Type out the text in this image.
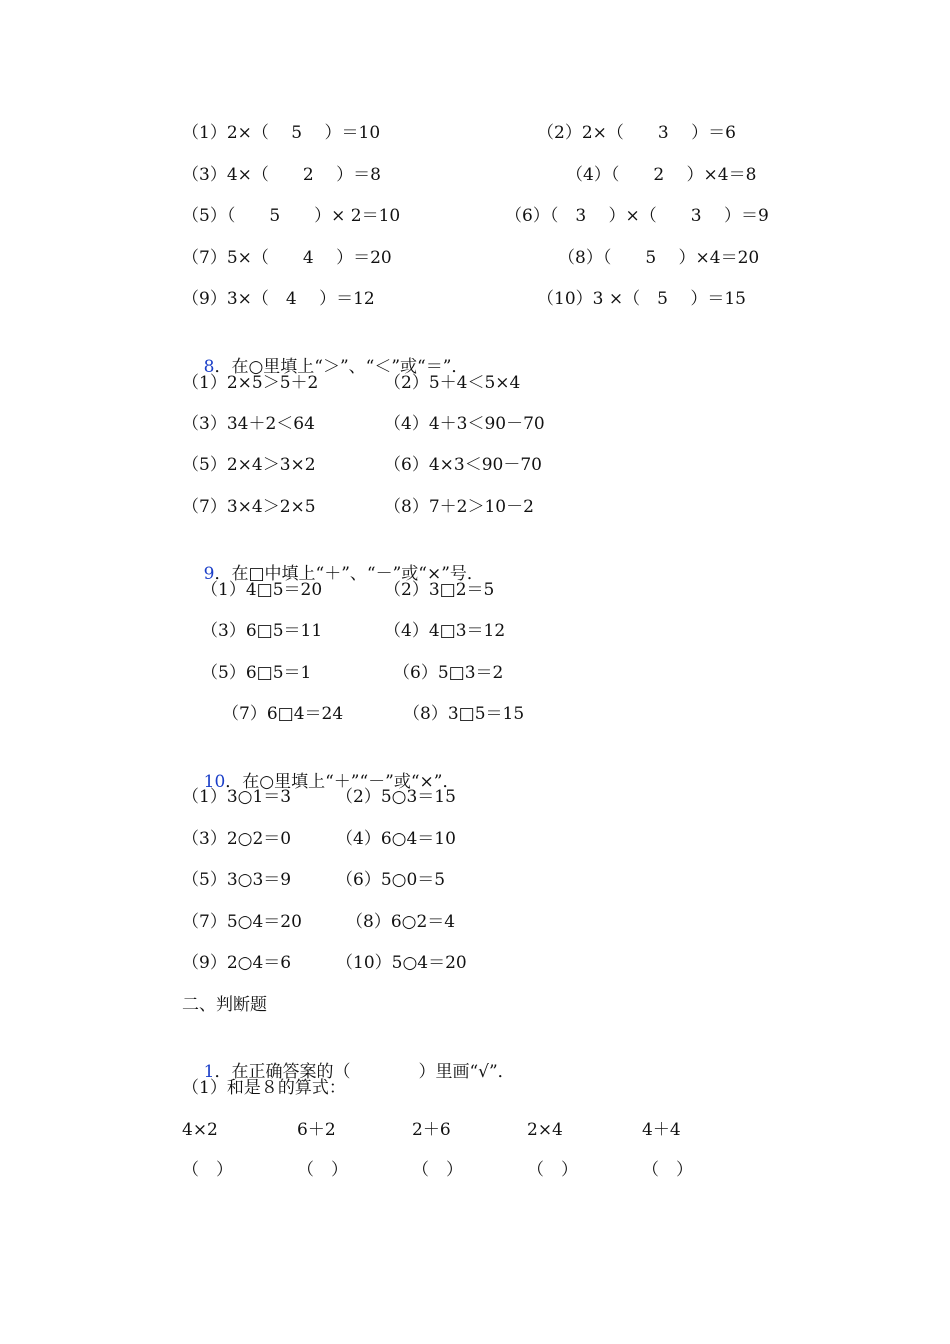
（1）2×（　 5　 ）＝10	（2）2×（　　3　 ）＝6
（3）4×（　　2　 ）＝8	（4）（　　2　 ）×4＝8
（5）（　　5　　）× 2＝10	（6）（　3　 ）×（　　3　 ）＝9
（7）5×（　　4　 ）＝20	（8）（　　5　 ）×4＝20
（9）3×（　4　 ）＝12	（10）3 ×（　5　 ）＝15

8．在○里填上“＞”、“＜”或“＝”．

（1）2×5＞5＋2	（2）5＋4＜5×4
（3）34＋2＜64	（4）4＋3＜90－70
（5）2×4＞3×2	（6）4×3＜90－70
（7）3×4＞2×5	（8）7＋2＞10－2

9．在□中填上“＋”、“－”或“×”号．

（1）4□5＝20	（2）3□2＝5
（3）6□5＝11	（4）4□3＝12
（5）6□5＝1	（6）5□3＝2
（7）6□4＝24	（8）3□5＝15

10．在○里填上“＋”“－”或“×”．

（1）3○1＝3	（2）5○3＝15
（3）2○2＝0	（4）6○4＝10
（5）3○3＝9	（6）5○0＝5
（7）5○4＝20	（8）6○2＝4
（9）2○4＝6	（10）5○4＝20
二、判断题

1．在正确答案的（　　　　）里画“√”．

（1）和是８的算式：
4×2	6＋2	2＋6	2×4	4＋4
（　）	（　）	（　）	（　）	（　）
